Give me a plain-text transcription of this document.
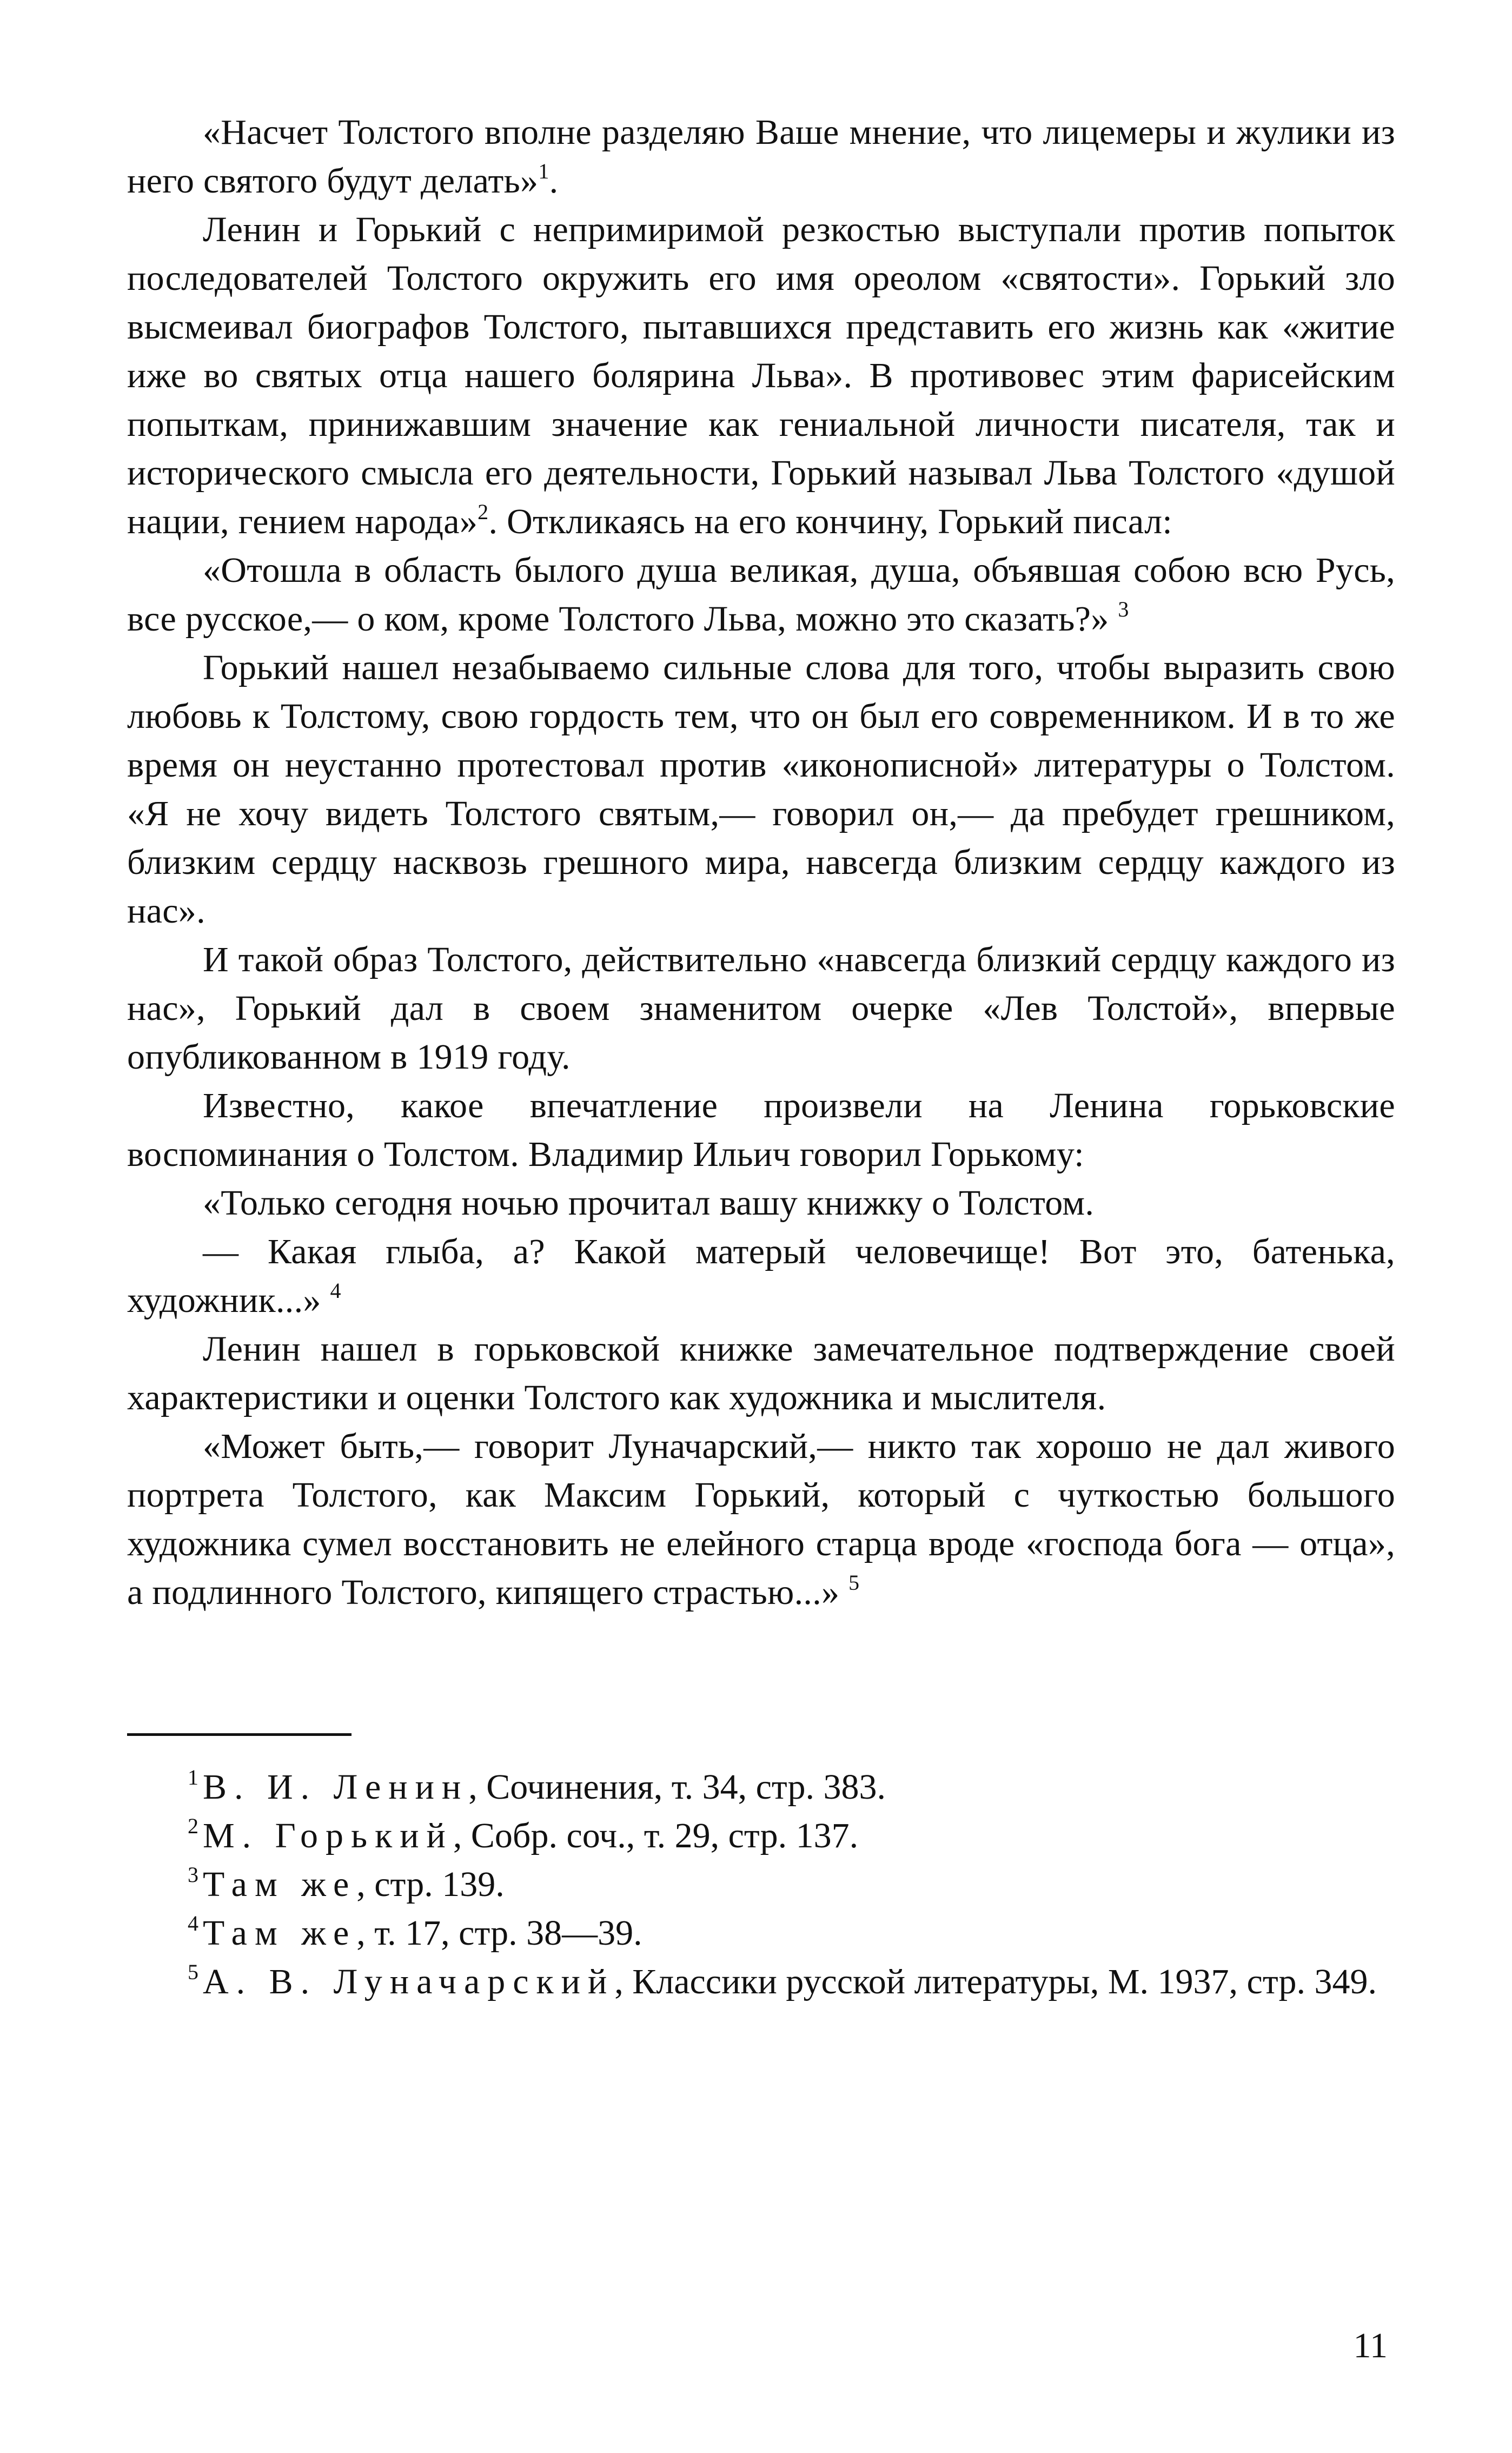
«Насчет Толстого вполне разделяю Ваше мнение, что лицемеры и жулики из него святого будут делать»$^1$.

Ленин и Горький с непримиримой резкостью выступали против попыток последователей Толстого окружить его имя ореолом «святости». Горький зло высмеивал биографов Толстого, пытавшихся представить его жизнь как «житие иже во святых отца нашего болярина Льва». В противовес этим фарисейским попыткам, принижавшим значение как гениальной личности писателя, так и исторического смысла его деятельности, Горький называл Льва Толстого «душой нации, гением народа»$^2$. Откликаясь на его кончину, Горький писал:

«Отошла в область былого душа великая, душа, объявшая собою всю Русь, все русское,— о ком, кроме Толстого Льва, можно это сказать?» $^3$

Горький нашел незабываемо сильные слова для того, чтобы выразить свою любовь к Толстому, свою гордость тем, что он был его современником. И в то же время он неустанно протестовал против «иконописной» литературы о Толстом. «Я не хочу видеть Толстого святым,— говорил он,— да пребудет грешником, близким сердцу насквозь грешного мира, навсегда близким сердцу каждого из нас».

И такой образ Толстого, действительно «навсегда близкий сердцу каждого из нас», Горький дал в своем знаменитом очерке «Лев Толстой», впервые опубликованном в 1919 году.

Известно, какое впечатление произвели на Ленина горьковские воспоминания о Толстом. Владимир Ильич говорил Горькому:

«Только сегодня ночью прочитал вашу книжку о Толстом.

— Какая глыба, а? Какой матерый человечище! Вот это, батенька, художник...» $^4$

Ленин нашел в горьковской книжке замечательное подтверждение своей характеристики и оценки Толстого как художника и мыслителя.

«Может быть,— говорит Луначарский,— никто так хорошо не дал живого портрета Толстого, как Максим Горький, который с чуткостью большого художника сумел восстановить не елейного старца вроде «господа бога — отца», а подлинного Толстого, кипящего страстью...» $^5$

$^1$ В. И. Ленин, Сочинения, т. 34, стр. 383.

$^2$ М. Горький, Собр. соч., т. 29, стр. 137.

$^3$ Там же, стр. 139.

$^4$ Там же, т. 17, стр. 38—39.

$^5$ А. В. Луначарский, Классики русской литературы, М. 1937, стр. 349.

11
